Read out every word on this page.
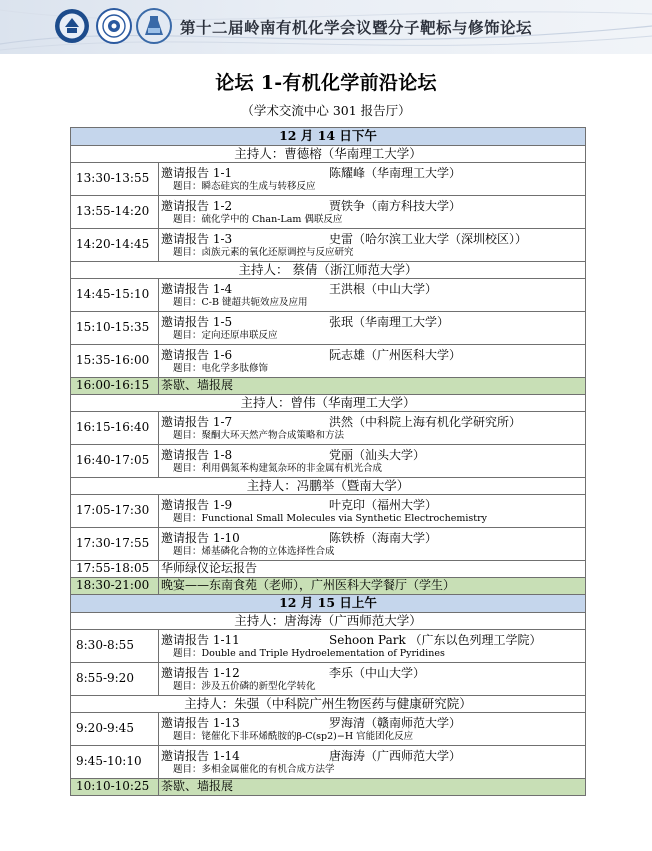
第十二届岭南有机化学会议暨分子靶标与修饰论坛
论坛 1-有机化学前沿论坛
（学术交流中心 301 报告厅）
12 月 14 日下午	
主持人：曹德榕（华南理工大学）	
13:30-13:55	邀请报告 1-1 陈耀峰（华南理工大学）
题目：瞬态硅宾的生成与转移反应

13:55-14:20	邀请报告 1-2 贾铁争（南方科技大学）
题目：硫化学中的 Chan-Lam 偶联反应

14:20-14:45	邀请报告 1-3 史雷（哈尔滨工业大学（深圳校区））
题目：卤族元素的氧化还原调控与反应研究

主持人： 蔡倩（浙江师范大学）	
14:45-15:10	邀请报告 1-4 王洪根（中山大学）
题目：C-B 键超共轭效应及应用

15:10-15:35	邀请报告 1-5 张珉（华南理工大学）
题目：定向还原串联反应

15:35-16:00	邀请报告 1-6 阮志雄（广州医科大学）
题目：电化学多肽修饰

16:00-16:15	茶歇、墙报展

主持人：曾伟（华南理工大学）	
16:15-16:40	邀请报告 1-7 洪然（中科院上海有机化学研究所）
题目：聚酮大环天然产物合成策略和方法

16:40-17:05	邀请报告 1-8 党丽（汕头大学）
题目：利用偶氮苯构建氮杂环的非金属有机光合成

主持人：冯鹏举（暨南大学）	
17:05-17:30	邀请报告 1-9 叶克印（福州大学）
题目：Functional Small Molecules via Synthetic Electrochemistry

17:30-17:55	邀请报告 1-10 陈铁桥（海南大学）
题目：烯基磷化合物的立体选择性合成

17:55-18:05	华师绿仪论坛报告

18:30-21:00	晚宴——东南食苑（老师），广州医科大学餐厅（学生）

12 月 15 日上午	
主持人：唐海涛（广西师范大学）	
8:30-8:55	邀请报告 1-11 Sehoon Park （广东以色列理工学院）
题目：Double and Triple Hydroelementation of Pyridines

8:55-9:20	邀请报告 1-12 李乐（中山大学）
题目：涉及五价磷的新型化学转化

主持人：朱强（中科院广州生物医药与健康研究院）	
9:20-9:45	邀请报告 1-13 罗海清（赣南师范大学）
题目：铑催化下非环烯酰胺的β-C(sp2)−H 官能团化反应

9:45-10:10	邀请报告 1-14 唐海涛（广西师范大学）
题目：多相金属催化的有机合成方法学

10:10-10:25	茶歇、墙报展
